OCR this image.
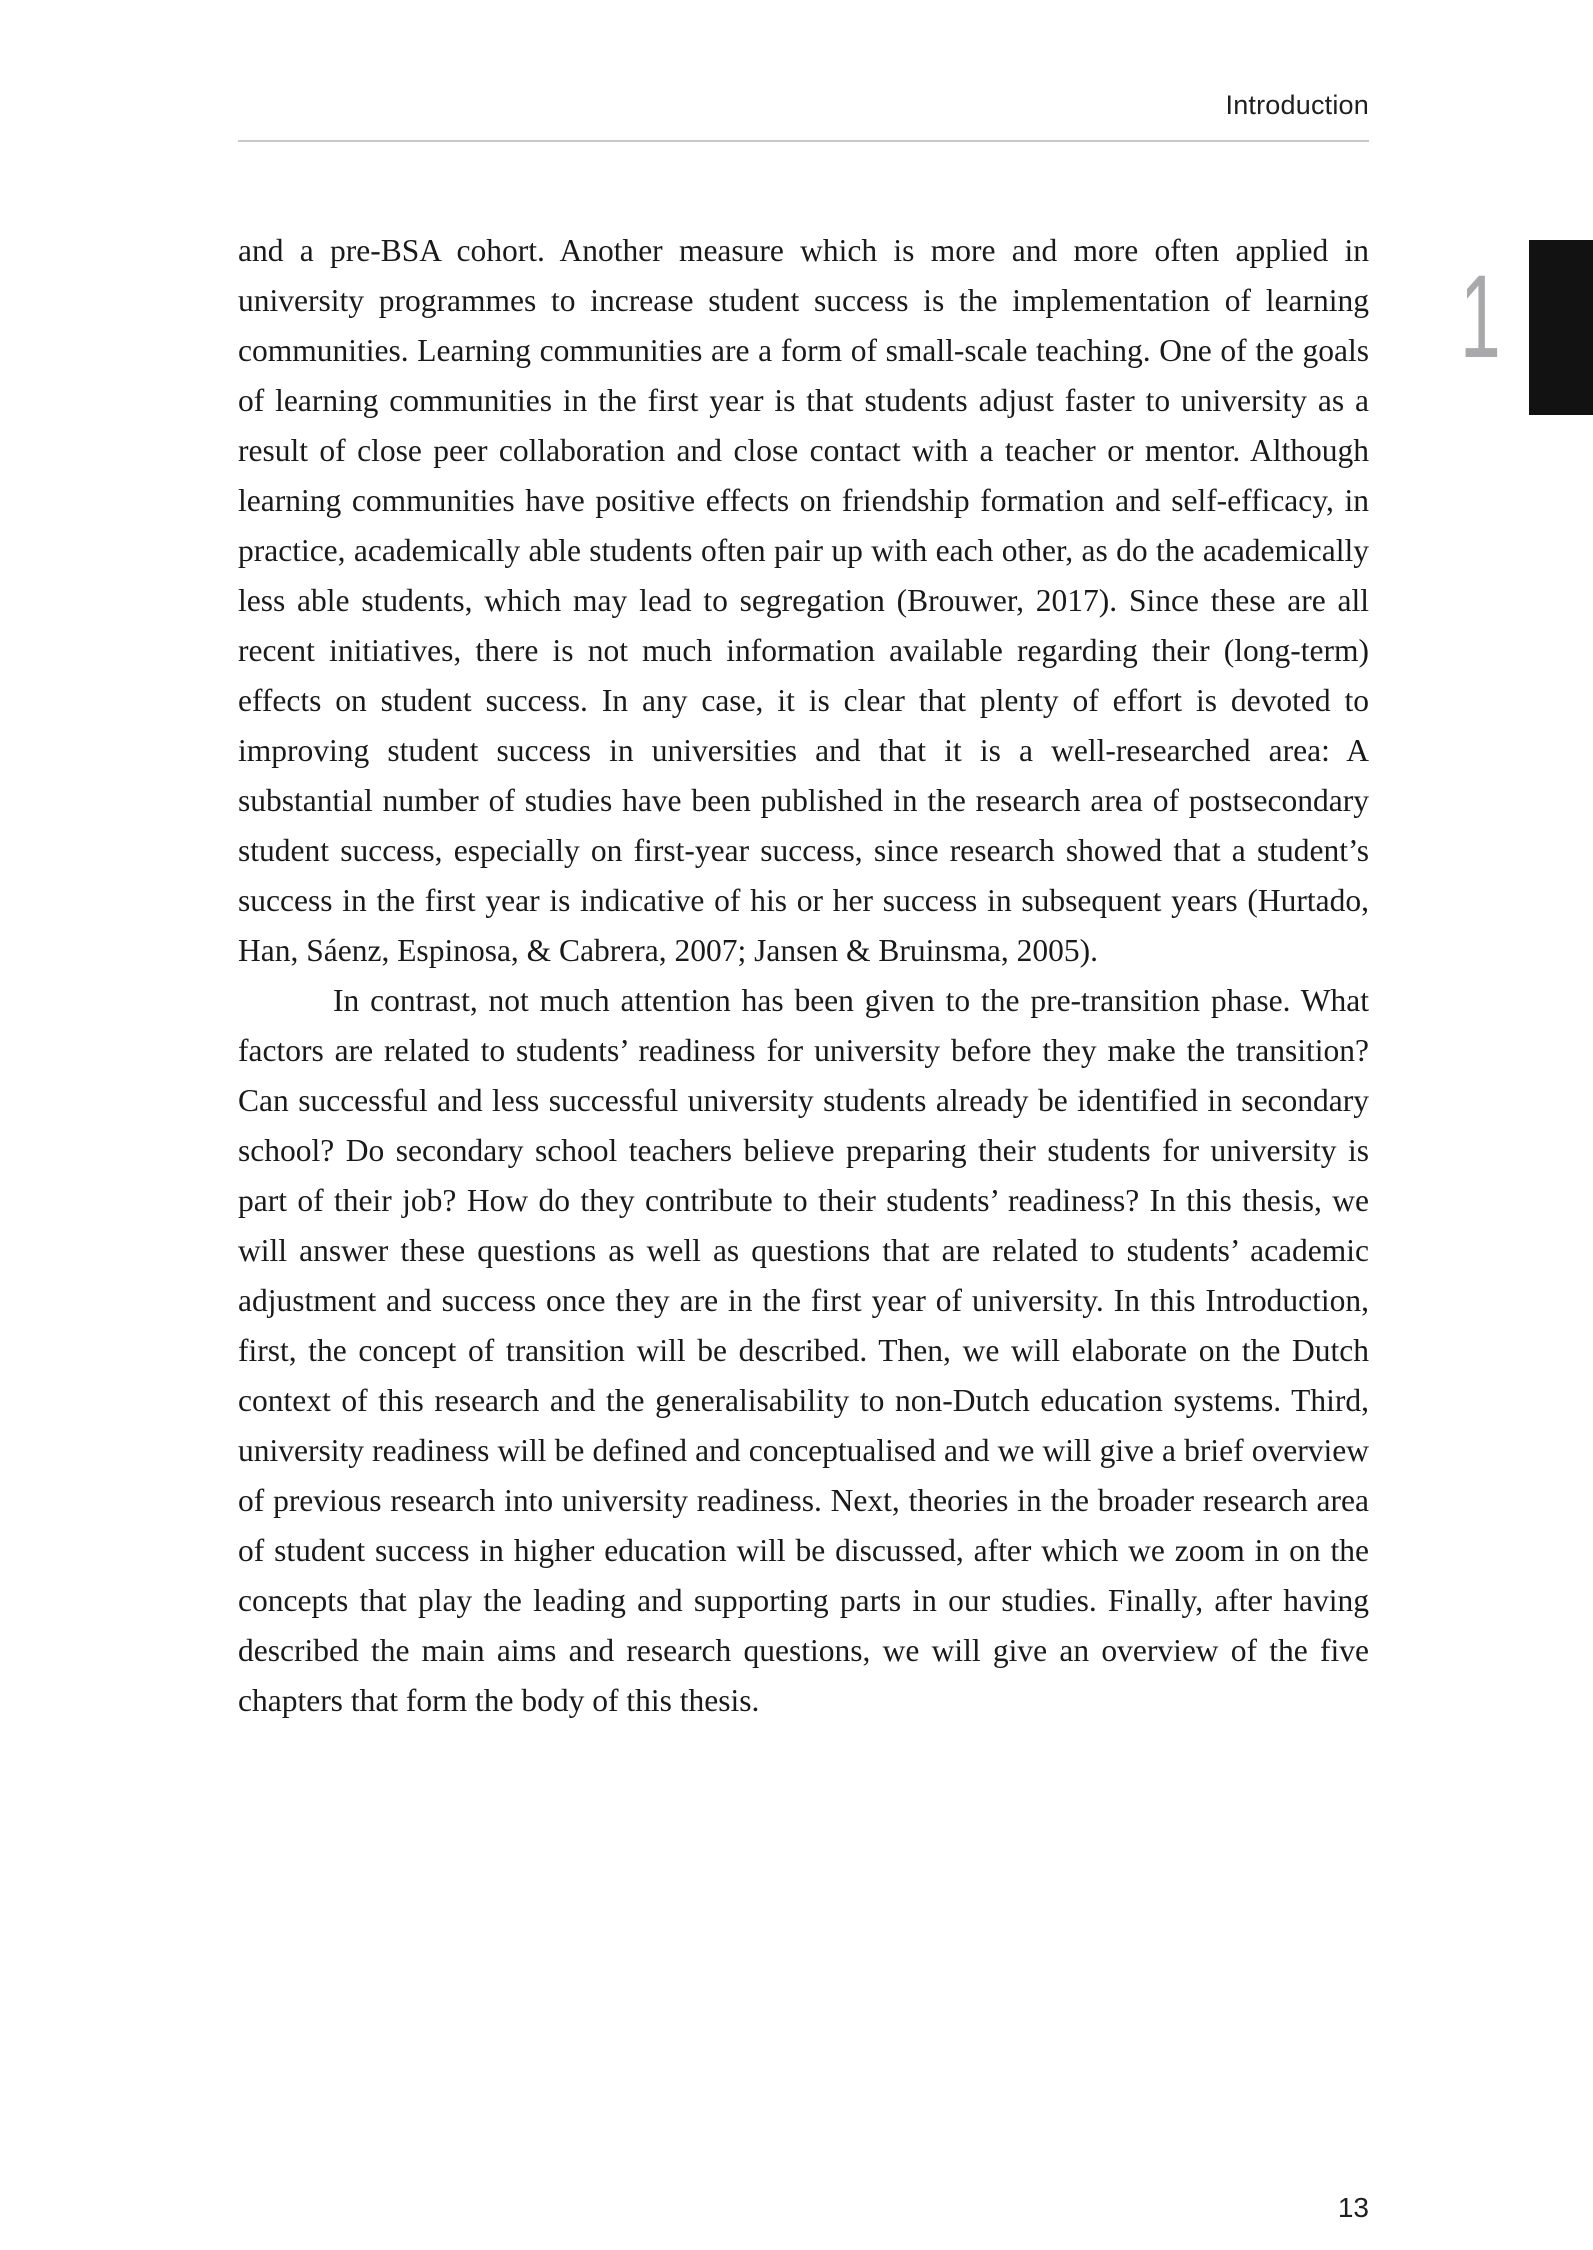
Introduction
1

and a pre-BSA cohort. Another measure which is more and more often applied in university programmes to increase student success is the implementation of learning communities. Learning communities are a form of small-scale teaching. One of the goals of learning communities in the first year is that students adjust faster to university as a result of close peer collaboration and close contact with a teacher or mentor. Although learning communities have positive effects on friendship formation and self-efficacy, in practice, academically able students often pair up with each other, as do the academically less able students, which may lead to segregation (Brouwer, 2017). Since these are all recent initiatives, there is not much information available regarding their (long-term) effects on student success. In any case, it is clear that plenty of effort is devoted to improving student success in universities and that it is a well-researched area: A substantial number of studies have been published in the research area of postsecondary student success, especially on first-year success, since research showed that a student’s success in the first year is indicative of his or her success in subsequent years (Hurtado, Han, Sáenz, Espinosa, & Cabrera, 2007; Jansen & Bruinsma, 2005).

In contrast, not much attention has been given to the pre-transition phase. What factors are related to students’ readiness for university before they make the transition? Can successful and less successful university students already be identified in secondary school? Do secondary school teachers believe preparing their students for university is part of their job? How do they contribute to their students’ readiness? In this thesis, we will answer these questions as well as questions that are related to students’ academic adjustment and success once they are in the first year of university. In this Introduction, first, the concept of transition will be described. Then, we will elaborate on the Dutch context of this research and the generalisability to non-Dutch education systems. Third, university readiness will be defined and conceptualised and we will give a brief overview of previous research into university readiness. Next, theories in the broader research area of student success in higher education will be discussed, after which we zoom in on the concepts that play the leading and supporting parts in our studies. Finally, after having described the main aims and research questions, we will give an overview of the five chapters that form the body of this thesis.

13
